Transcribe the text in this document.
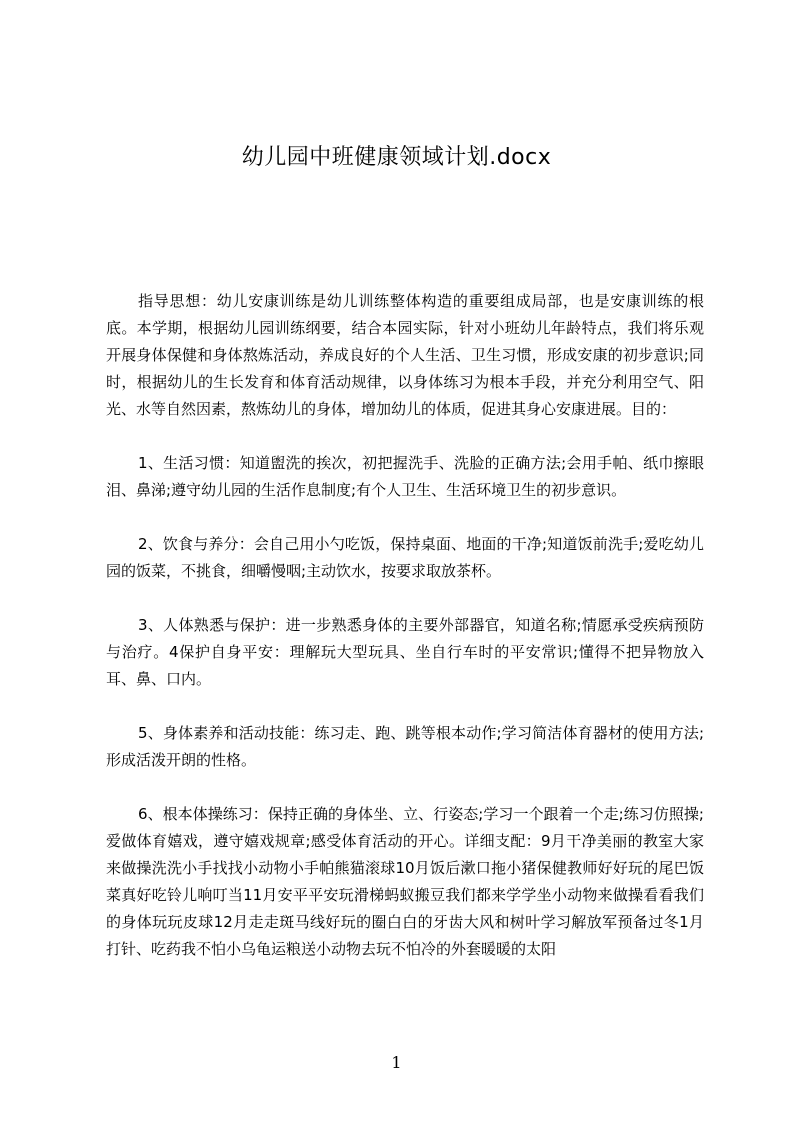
幼儿园中班健康领域计划.docx

指导思想：幼儿安康训练是幼儿训练整体构造的重要组成局部，也是安康训练的根底。本学期，根据幼儿园训练纲要，结合本园实际，针对小班幼儿年龄特点，我们将乐观开展身体保健和身体熬炼活动，养成良好的个人生活、卫生习惯，形成安康的初步意识;同时，根据幼儿的生长发育和体育活动规律，以身体练习为根本手段，并充分利用空气、阳光、水等自然因素，熬炼幼儿的身体，增加幼儿的体质，促进其身心安康进展。目的：

1、生活习惯：知道盥洗的挨次，初把握洗手、洗脸的正确方法;会用手帕、纸巾擦眼泪、鼻涕;遵守幼儿园的生活作息制度;有个人卫生、生活环境卫生的初步意识。

2、饮食与养分：会自己用小勺吃饭，保持桌面、地面的干净;知道饭前洗手;爱吃幼儿园的饭菜，不挑食，细嚼慢咽;主动饮水，按要求取放茶杯。

3、人体熟悉与保护：进一步熟悉身体的主要外部器官，知道名称;情愿承受疾病预防与治疗。4保护自身平安：理解玩大型玩具、坐自行车时的平安常识;懂得不把异物放入耳、鼻、口内。

5、身体素养和活动技能：练习走、跑、跳等根本动作;学习简洁体育器材的使用方法;形成活泼开朗的性格。

6、根本体操练习：保持正确的身体坐、立、行姿态;学习一个跟着一个走;练习仿照操;爱做体育嬉戏，遵守嬉戏规章;感受体育活动的开心。详细支配：9月干净美丽的教室大家来做操洗洗小手找找小动物小手帕熊猫滚球10月饭后漱口拖小猪保健教师好好玩的尾巴饭菜真好吃铃儿响叮当11月安平平安玩滑梯蚂蚁搬豆我们都来学学坐小动物来做操看看我们的身体玩玩皮球12月走走斑马线好玩的圈白白的牙齿大风和树叶学习解放军预备过冬1月打针、吃药我不怕小乌龟运粮送小动物去玩不怕冷的外套暖暖的太阳

1
